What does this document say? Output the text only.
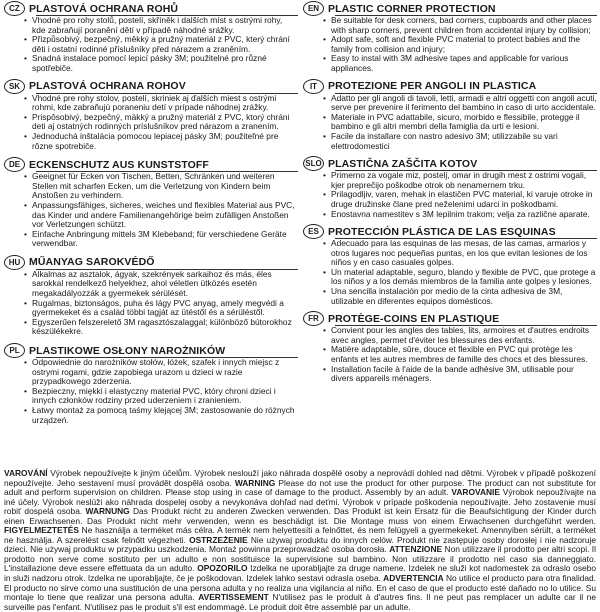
CZ PLASTOVÁ OCHRANA ROHŮ
• Vhodné pro rohy stolů, postelí, skříněk i dalších míst s ostrými rohy, kde zabraňují poranění dětí v případě náhodné srážky.
• Přizpůsobivý, bezpečný, měkký a pružný materiál z PVC, který chrání děti i ostatní rodinné příslušníky před nárazem a zraněním.
• Snadná instalace pomocí lepicí pásky 3M; použitelné pro různé spotřebiče.
SK PLASTOVÁ OCHRANA ROHOV
• Vhodné pre rohy stolov, postelí, skriniek aj ďalších miest s ostrými rohmi, kde zabraňujú poraneniu detí v prípade náhodnej zrážky.
• Prispôsobivý, bezpečný, mäkký a pružný materiál z PVC, ktorý chráni deti aj ostatných rodinných príslušníkov pred nárazom a zranením.
• Jednoduchá inštalácia pomocou lepiacej pásky 3M; použiteľné pre rôzne spotrebiče.
DE ECKENSCHUTZ AUS KUNSTSTOFF
• Geeignet für Ecken von Tischen, Betten, Schränken und weiteren Stellen mit scharfen Ecken, um die Verletzung von Kindern beim Anstoßen zu verhindern.
• Anpassungsfähiges, sicheres, weiches und flexibles Material aus PVC, das Kinder und andere Familienangehörige beim zufälligen Anstoßen vor Verletzungen schützt.
• Einfache Anbringung mittels 3M Klebeband; für verschiedene Geräte verwendbar.
HU MŰANYAG SAROKVÉDŐ
• Alkalmas az asztalok, ágyak, szekrények sarkaihoz és más, éles sarokkal rendelkező helyekhez, ahol véletlen ütközés esetén megakadályozzák a gyermekek sérülését.
• Rugalmas, biztonságos, puha és lágy PVC anyag, amely megvédi a gyermekeket és a család többi tagját az ütéstől és a sérüléstől.
• Egyszerűen felszerelető 3M ragasztószalaggal; különböző bútorokhoz készülékekre.
PL PLASTIKOWE OSŁONY NAROŻNIKÓW
• Odpowiednie do narożników stołów, łóżek, szafek i innych miejsc z ostrymi rogami, gdzie zapobiega urazom u dzieci w razie przypadkowego zderzenia.
• Bezpieczny, miękki i elastyczny materiał PVC, który chroni dzieci i innych członków rodziny przed uderzeniem i zranieniem.
• Łatwy montaż za pomocą taśmy klejącej 3M; zastosowanie do różnych urządzeń.
EN PLASTIC CORNER PROTECTION
• Be suitable for desk corners, bad corners, cupboards and other places with sharp corners, prevent children from accidental injury by collision;
• Adopt safe, soft and flexible PVC material to protect babies and the family from collision and injury;
• Easy to instal with 3M adhesive tapes and applicable for various appliances.
IT	PROTEZIONE PER ANGOLI IN PLASTICA
• Adatto per gli angoli di tavoli, letti, armadi e altri oggetti con angoli acuti, serve per prevenire il ferimento del bambino in caso di urto accidentale.
• Materiale in PVC adattabile, sicuro, morbido e flessibile, protegge il bambino e gli altri membri della famiglia da urti e lesioni.
• Facile da installare con nastro adesivo 3M; utilizzabile su vari elettrodomestici
SLO PLASTIČNA ZAŠČITA KOTOV
• Primerno za vogale miz, postelj, omar in drugih mest z ostrimi vogali, kjer preprečijo poškodbe otrok ob nenamernem trku.
• Prilagodljiv, varen, mehak in elastičen PVC material, ki varuje otroke in druge družinske člane pred neželenimi udarci in poškodbami.
• Enostavna namestitev s 3M lepilnim trakom; velja za različne aparate.
ES PROTECCIÓN PLÁSTICA DE LAS ESQUINAS
• Adecuado para las esquinas de las mesas, de las camas, armarios y otros lugares noc pequeñas puntas, en los que evitan lesiones de los niños y en caso casuales golpes.
• Un material adaptable, seguro, blando y flexible de PVC, que protege a los niños y a los demás miembros de la familia ante golpes y lesiones.
• Una sencilla instalación por medio de la cinta adhesiva de 3M, utilizable en diferentes equipos domésticos.
FR PROTÈGE-COINS EN PLASTIQUE
• Convient pour les angles des tables, lits, armoires et d'autres endroits avec angles, permet d'éviter les blessures des enfants.
• Matière adaptable, sûre, douce et flexible en PVC qui protège les enfants et les autres membres de famille des chocs et des blessures.
• Installation facile à l'aide de la bande adhésive 3M, utilisable pour divers appareils ménagers.
VAROVÁNÍ Výrobek nepoužívejte k jiným účelům. Výrobek neslouží jako náhrada dospělé osoby a neprovádí dohled nad dětmi. Výrobek v případě poškození nepoužívejte. Jeho sestavení musí provádět dospělá osoba. WARNING Please do not use the product for other purpose. The product can not substitute for adult and perform supervision on children. Please stop using in case of damage to the product. Assembly by an adult. VAROVANIE Výrobok nepoužívajte na iné účely. Výrobok neslúži ako náhrada dospelej osoby a nevykonáva dohľad nad deťmi. Výrobok v prípade poškodenia nepoužívajte. Jeho zostavenie musí robiť dospelá osoba. WARNUNG Das Produkt nicht zu anderen Zwecken verwenden. Das Produkt ist kein Ersatz für die Beaufsichtigung der Kinder durch einen Erwachsenen. Das Produkt nicht mehr verwenden, wenn es beschädigt ist. Die Montage muss von einem Erwachsenen durchgeführt werden. FIGYELMEZTETÉS Ne használja a terméket más célra. A termék nem helyettesíti a felnőttet, és nem felügyeli a gyermekeket. Amennyiben sérült, a terméket ne használja. A szerelést csak felnőtt végezheti. OSTRZEŻENIE Nie używaj produktu do innych celów. Produkt nie zastępuje osoby dorosłej i nie nadzoruje dzieci. Nie używaj produktu w przypadku uszkodzenia. Montaż powinna przeprowadzać osoba dorosła. ATTENZIONE Non utilizzare il prodotto per altri scopi. Il prodotto non serve come sostituto per un adulto e non sostituisce la supervisione sul bambino. Non utilizzare il prodotto nel caso sia danneggiato. L'installazione deve essere effettuata da un adulto. OPOZORILO Izdelka ne uporabljajte za druge namene. Izdelek ne služi kot nadomestek za odraslo osebo in služi nadzoru otrok. Izdelka ne uporabljajte, če je poškodovan. Izdelek lahko sestavi odrasla oseba. ADVERTENCIA No utilice el producto para otra finalidad. El producto no sirve como una sustitución de una persona adulta y no realiza una vigilancia al niño. En el caso de que el producto esté dañado no lo utilice. Su montaje lo tiene que realizar una persona adulta. AVERTISSEMENT N'utilisez pas le produit à d'autres fins. Il ne peut pas remplacer un adulte car il ne surveille pas l'enfant. N'utilisez pas le produit s'il est endommagé. Le produit doit être assemblé par un adulte.
